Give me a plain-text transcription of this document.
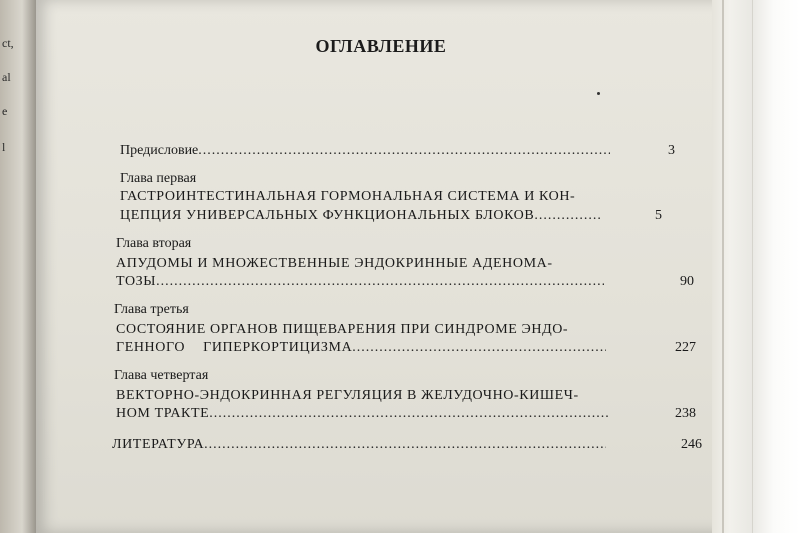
ct,
al
e
l
ОГЛАВЛЕНИЕ
Предисловие .....	3
Глава первая
ГАСТРОИНТЕСТИНАЛЬНАЯ ГОРМОНАЛЬНАЯ СИСТЕМА И КОН-
ЦЕПЦИЯ УНИВЕРСАЛЬНЫХ ФУНКЦИОНАЛЬНЫХ БЛОКОВ .....	5
Глава вторая
АПУДОМЫ И МНОЖЕСТВЕННЫЕ ЭНДОКРИННЫЕ АДЕНОМА-
ТОЗЫ .....	90
Глава третья
СОСТОЯНИЕ ОРГАНОВ ПИЩЕВАРЕНИЯ ПРИ СИНДРОМЕ ЭНДО-
ГЕННОГО ГИПЕРКОРТИЦИЗМА .....	227
Глава четвертая
ВЕКТОРНО-ЭНДОКРИННАЯ РЕГУЛЯЦИЯ В ЖЕЛУДОЧНО-КИШЕЧ-
НОМ ТРАКТЕ .....	238
ЛИТЕРАТУРА .....	246
